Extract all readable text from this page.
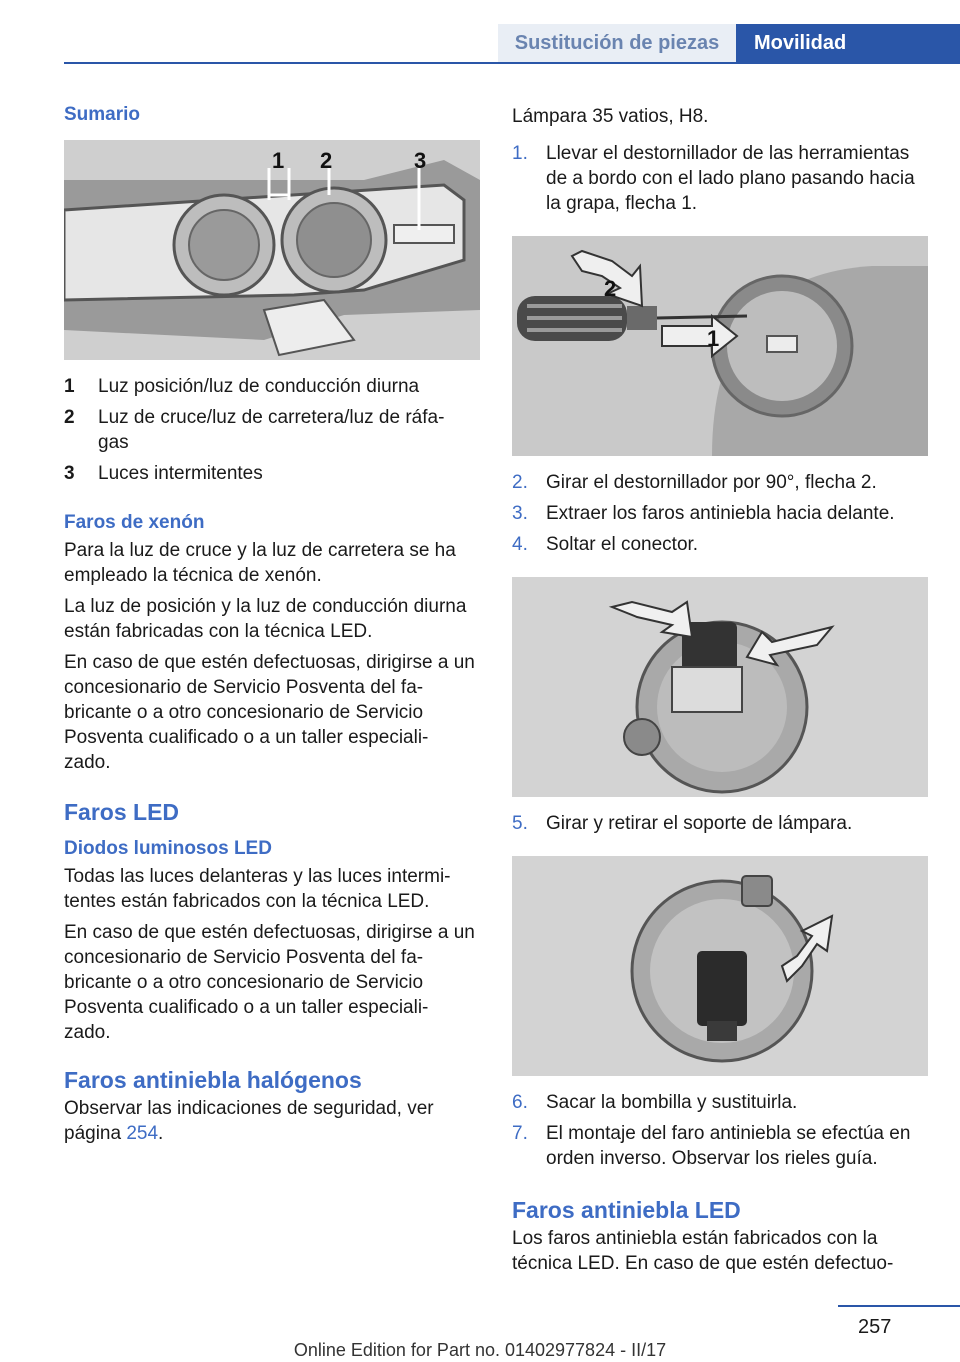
Sustitución de piezas	Movilidad
Sumario
1 2	3
1	Luz posición/luz de conducción diurna
2	Luz de cruce/luz de carretera/luz de ráfa‐ gas
3	Luces intermitentes
Faros de xenón

Para la luz de cruce y la luz de carretera se ha empleado la técnica de xenón.

La luz de posición y la luz de conducción diurna están fabricadas con la técnica LED.

En caso de que estén defectuosas, dirigirse a un concesionario de Servicio Posventa del fa‐ bricante o a otro concesionario de Servicio Posventa cualificado o a un taller especiali‐ zado.

Faros LED
Diodos luminosos LED

Todas las luces delanteras y las luces intermi‐ tentes están fabricados con la técnica LED.

En caso de que estén defectuosas, dirigirse a un concesionario de Servicio Posventa del fa‐ bricante o a otro concesionario de Servicio Posventa cualificado o a un taller especiali‐ zado.

Faros antiniebla halógenos

Observar las indicaciones de seguridad, ver página 254.

Lámpara 35 vatios, H8.

1. Llevar el destornillador de las herramientas de a bordo con el lado plano pasando hacia la grapa, flecha 1.
2
1
2. Girar el destornillador por 90°, flecha 2.
3. Extraer los faros antiniebla hacia delante.
4. Soltar el conector.
5. Girar y retirar el soporte de lámpara.
6. Sacar la bombilla y sustituirla.
7. El montaje del faro antiniebla se efectúa en orden inverso. Observar los rieles guía.
Faros antiniebla LED

Los faros antiniebla están fabricados con la técnica LED. En caso de que estén defectuo‐

257
Online Edition for Part no. 01402977824 - II/17
